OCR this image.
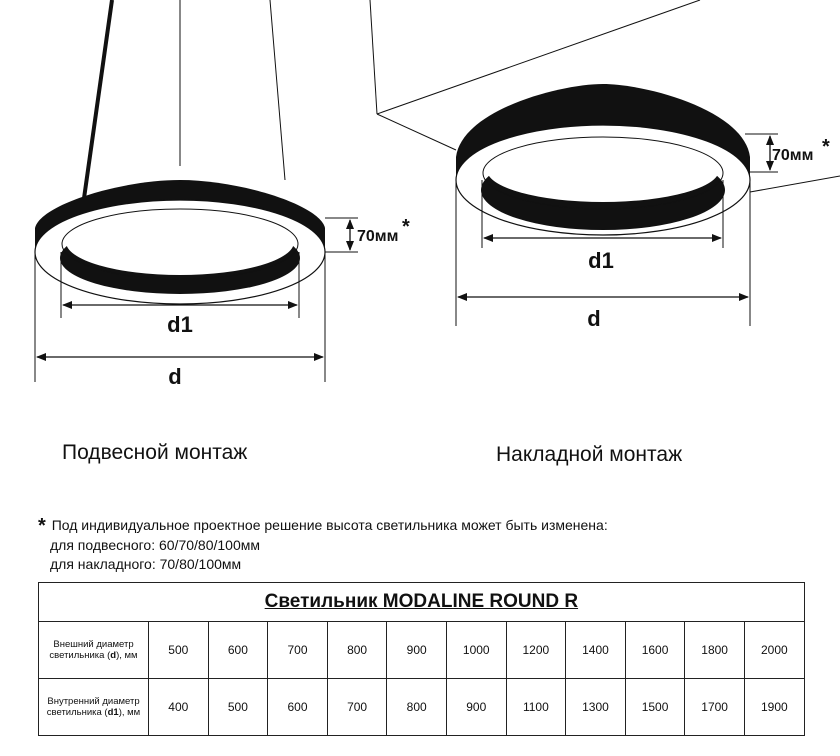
70мм *
d1
d
70мм *
d1
d
Подвесной монтаж	Накладной монтаж
* Под индивидуальное проектное решение высота светильника может быть изменена:
для подвесного: 60/70/80/100мм
для накладного: 70/80/100мм
Светильник MODALINE ROUND R											
Внешний диаметр светильника (d), мм	500	600	700	800	900	1000	1200	1400	1600	1800	2000
Внутренний диаметр светильника (d1), мм	400	500	600	700	800	900	1100	1300	1500	1700	1900
